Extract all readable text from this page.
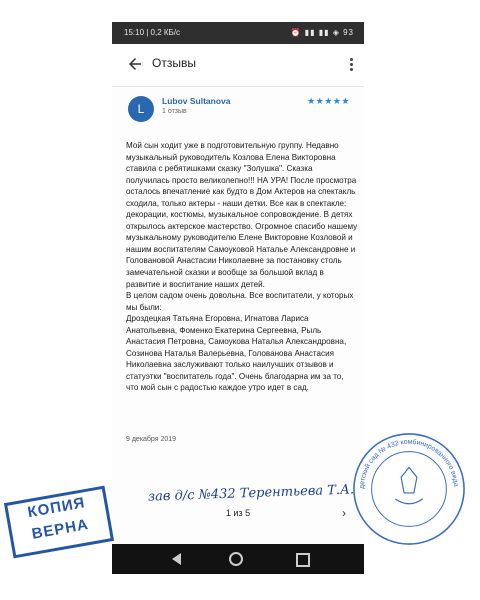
15:10 | 0,2 КБ/с	⏰ ▮▮ ▮▮ ◈ 93
Отзывы
L
Lubov Sultanova
1 отзыв
★★★★★

Мой сын ходит уже в подготовительную группу. Недавно музыкальный руководитель Козлова Елена Викторовна ставила с ребятишками сказку "Золушка". Сказка получилась просто великолепно!!! НА УРА! После просмотра осталось впечатление как будто в Дом Актеров на спектакль сходила, только актеры - наши детки. Все как в спектакле: декорации, костюмы, музыкальное сопровождение. В детях открылось актерское мастерство. Огромное спасибо нашему музыкальному руководителю Елене Викторовне Козловой и нашим воспитателям Самоуковой Наталье Александровне и Головановой Анастасии Николаевне за постановку столь замечательной сказки и вообще за большой вклад в развитие и воспитание наших детей.

В целом садом очень довольна. Все воспитатели, у которых мы были:

Дроздецкая Татьяна Егоровна, Игнатова Лариса Анатольевна, Фоменко Екатерина Сергеевна, Рыль Анастасия Петровна, Самоукова Наталья Александровна, Созинова Наталья Валерьевна, Голованова Анастасия Николаевна заслуживают только наилучших отзывов и статуэтки "воспитатель года". Очень благодарна им за то, что мой сын с радостью каждое утро идет в сад.

9 декабря 2019
1 из 5	›
КОПИЯ
ВЕРНА
зав д/с №432 Терентьева Т.А. детский сад № 432 комбинированного вида
